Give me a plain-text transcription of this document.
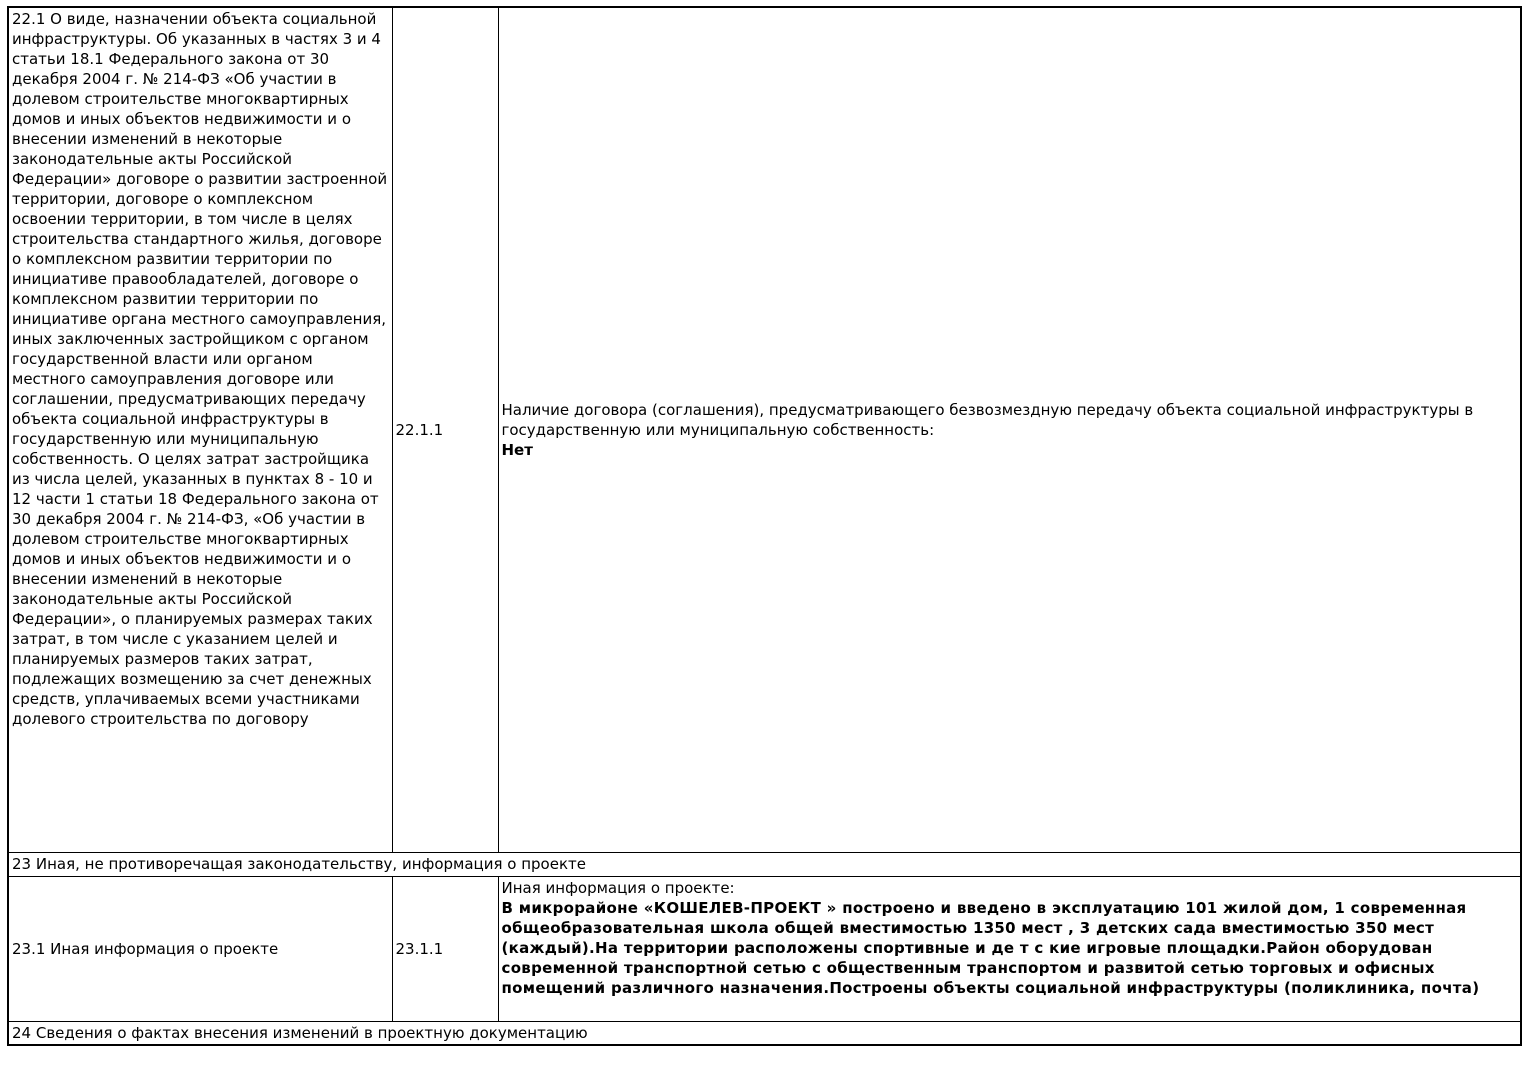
22.1 О виде, назначении объекта социальной инфраструктуры. Об указанных в частях 3 и 4 статьи 18.1 Федерального закона от 30 декабря 2004 г. № 214-ФЗ «Об участии в долевом строительстве многоквартирных домов и иных объектов недвижимости и о внесении изменений в некоторые законодательные акты Российской Федерации» договоре о развитии застроенной территории, договоре о комплексном освоении территории, в том числе в целях строительства стандартного жилья, договоре о комплексном развитии территории по инициативе правообладателей, договоре о комплексном развитии территории по инициативе органа местного самоуправления, иных заключенных застройщиком с органом государственной власти или органом местного самоуправления договоре или соглашении, предусматривающих передачу объекта социальной инфраструктуры в государственную или муниципальную собственность. О целях затрат застройщика из числа целей, указанных в пунктах 8 - 10 и 12 части 1 статьи 18 Федерального закона от 30 декабря 2004 г. № 214-ФЗ, «Об участии в долевом строительстве многоквартирных домов и иных объектов недвижимости и о внесении изменений в некоторые законодательные акты Российской Федерации», о планируемых размерах таких затрат, в том числе с указанием целей и планируемых размеров таких затрат, подлежащих возмещению за счет денежных средств, уплачиваемых всеми участниками долевого строительства по договору	22.1.1	Наличие договора (соглашения), предусматривающего безвозмездную передачу объекта социальной инфраструктуры в государственную или муниципальную собственность:
Нет

23 Иная, не противоречащая законодательству, информация о проекте		
23.1 Иная информация о проекте	23.1.1	Иная информация о проекте:
В микрорайоне «КОШЕЛЕВ-ПРОЕКТ » построено и введено в эксплуатацию 101 жилой дом, 1 современная общеобразовательная школа общей вместимостью 1350 мест , 3 детских сада вместимостью 350 мест (каждый).На территории расположены спортивные и де т с кие игровые площадки.Район оборудован современной транспортной сетью с общественным транспортом и развитой сетью торговых и офисных помещений различного назначения.Построены объекты социальной инфраструктуры (поликлиника, почта)

24 Сведения о фактах внесения изменений в проектную документацию		
